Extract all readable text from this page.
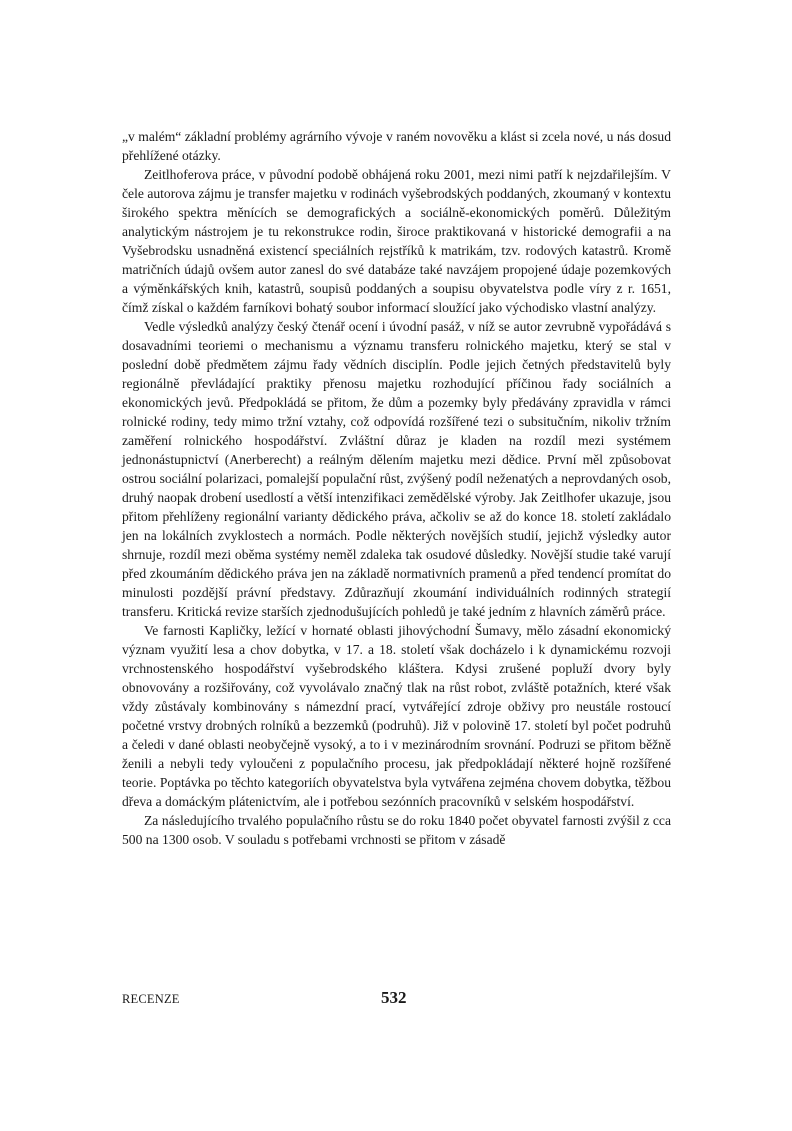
„v malém“ základní problémy agrárního vývoje v raném novověku a klást si zcela nové, u nás dosud přehlížené otázky.

Zeitlhoferova práce, v původní podobě obhájená roku 2001, mezi nimi patří k nejzdařilejším. V čele autorova zájmu je transfer majetku v rodinách vyšebrodských poddaných, zkoumaný v kontextu širokého spektra měnících se demografických a sociálně-ekonomických poměrů. Důležitým analytickým nástrojem je tu rekonstrukce rodin, široce praktikovaná v historické demografii a na Vyšebrodsku usnadněná existencí speciálních rejstříků k matrikám, tzv. rodových katastrů. Kromě matričních údajů ovšem autor zanesl do své databáze také navzájem propojené údaje pozemkových a výměnkářských knih, katastrů, soupisů poddaných a soupisu obyvatelstva podle víry z r. 1651, čímž získal o každém farníkovi bohatý soubor informací sloužící jako východisko vlastní analýzy.

Vedle výsledků analýzy český čtenář ocení i úvodní pasáž, v níž se autor zevrubně vypořádává s dosavadními teoriemi o mechanismu a významu transferu rolnického majetku, který se stal v poslední době předmětem zájmu řady vědních disciplín. Podle jejich četných představitelů byly regionálně převládající praktiky přenosu majetku rozhodující příčinou řady sociálních a ekonomických jevů. Předpokládá se přitom, že dům a pozemky byly předávány zpravidla v rámci rolnické rodiny, tedy mimo tržní vztahy, což odpovídá rozšířené tezi o subsitučním, nikoliv tržním zaměření rolnického hospodářství. Zvláštní důraz je kladen na rozdíl mezi systémem jednonástupnictví (Anerberecht) a reálným dělením majetku mezi dědice. První měl způsobovat ostrou sociální polarizaci, pomalejší populační růst, zvýšený podíl neženatých a neprovdaných osob, druhý naopak drobení usedlostí a větší intenzifikaci zemědělské výroby. Jak Zeitlhofer ukazuje, jsou přitom přehlíženy regionální varianty dědického práva, ačkoliv se až do konce 18. století zakládalo jen na lokálních zvyklostech a normách. Podle některých novějších studií, jejichž výsledky autor shrnuje, rozdíl mezi oběma systémy neměl zdaleka tak osudové důsledky. Novější studie také varují před zkoumáním dědického práva jen na základě normativních pramenů a před tendencí promítat do minulosti pozdější právní představy. Zdůrazňují zkoumání individuálních rodinných strategií transferu. Kritická revize starších zjednodušujících pohledů je také jedním z hlavních záměrů práce.

Ve farnosti Kapličky, ležící v hornaté oblasti jihovýchodní Šumavy, mělo zásadní ekonomický význam využití lesa a chov dobytka, v 17. a 18. století však docházelo i k dynamickému rozvoji vrchnostenského hospodářství vyšebrodského kláštera. Kdysi zrušené popluží dvory byly obnovovány a rozšiřovány, což vyvolávalo značný tlak na růst robot, zvláště potažních, které však vždy zůstávaly kombinovány s námezdní prací, vytvářející zdroje obživy pro neustále rostoucí početné vrstvy drobných rolníků a bezzemků (podruhů). Již v polovině 17. století byl počet podruhů a čeledi v dané oblasti neobyčejně vysoký, a to i v mezinárodním srovnání. Podruzi se přitom běžně ženili a nebyli tedy vyloučeni z populačního procesu, jak předpokládají některé hojně rozšířené teorie. Poptávka po těchto kategoriích obyvatelstva byla vytvářena zejména chovem dobytka, těžbou dřeva a domáckým plátenictvím, ale i potřebou sezónních pracovníků v selském hospodářství.

Za následujícího trvalého populačního růstu se do roku 1840 počet obyvatel farnosti zvýšil z cca 500 na 1300 osob. V souladu s potřebami vrchnosti se přitom v zásadě

RECENZE	532
